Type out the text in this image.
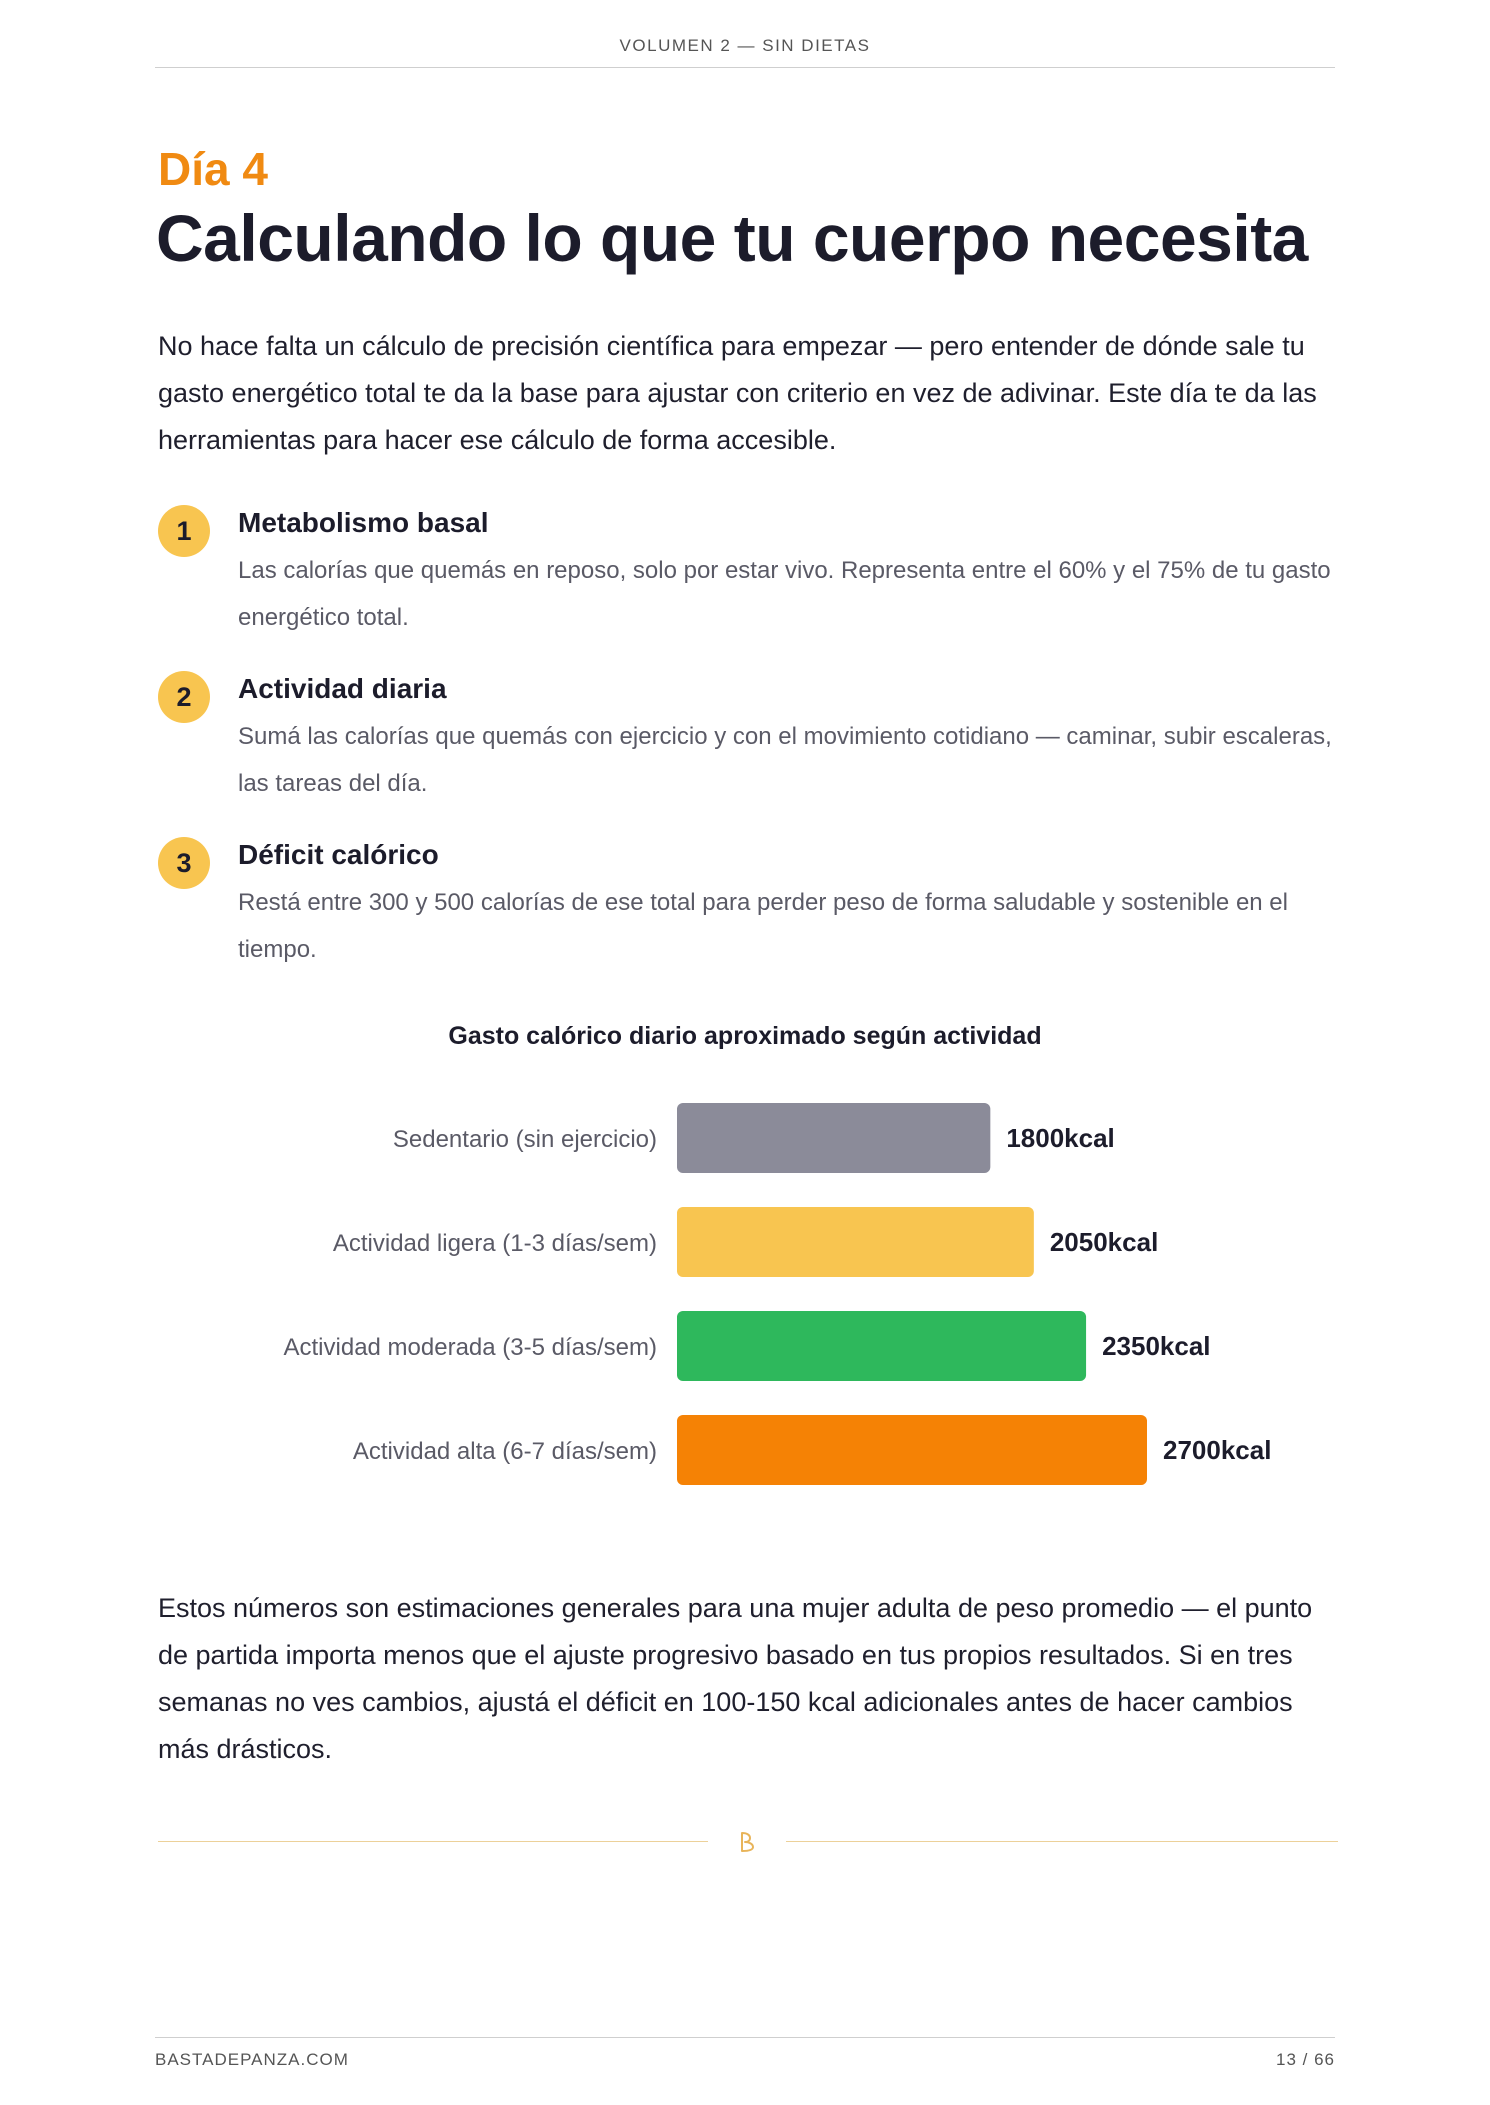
VOLUMEN 2 — SIN DIETAS
Día 4
Calculando lo que tu cuerpo necesita

No hace falta un cálculo de precisión científica para empezar — pero entender de dónde sale tu gasto energético total te da la base para ajustar con criterio en vez de adivinar. Este día te da las herramientas para hacer ese cálculo de forma accesible.

1	Metabolismo basal
Las calorías que quemás en reposo, solo por estar vivo. Representa entre el 60% y el 75% de tu gasto energético total.
2	Actividad diaria
Sumá las calorías que quemás con ejercicio y con el movimiento cotidiano — caminar, subir escaleras, las tareas del día.
3	Déficit calórico
Restá entre 300 y 500 calorías de ese total para perder peso de forma saludable y sostenible en el tiempo.
Gasto calórico diario aproximado según actividad
Sedentario (sin ejercicio)	1800kcal
Actividad ligera (1-3 días/sem)	2050kcal
Actividad moderada (3-5 días/sem)	2350kcal
Actividad alta (6-7 días/sem)	2700kcal

Estos números son estimaciones generales para una mujer adulta de peso promedio — el punto de partida importa menos que el ajuste progresivo basado en tus propios resultados. Si en tres semanas no ves cambios, ajustá el déficit en 100-150 kcal adicionales antes de hacer cambios más drásticos.

BASTADEPANZA.COM	13 / 66
